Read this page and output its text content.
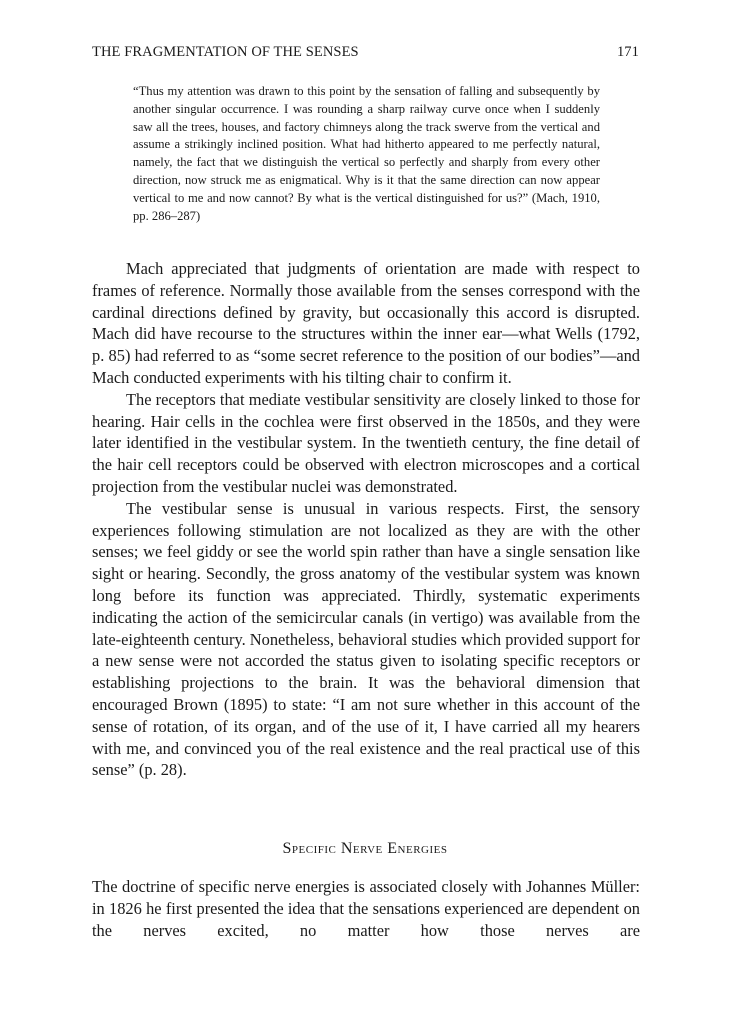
THE FRAGMENTATION OF THE SENSES	171
“Thus my attention was drawn to this point by the sensation of falling and subsequently by another singular occurrence. I was rounding a sharp railway curve once when I suddenly saw all the trees, houses, and factory chimneys along the track swerve from the vertical and assume a strikingly inclined position. What had hitherto appeared to me perfectly natural, namely, the fact that we distinguish the vertical so perfectly and sharply from every other direction, now struck me as enigmatical. Why is it that the same direction can now appear vertical to me and now cannot? By what is the vertical distinguished for us?” (Mach, 1910, pp. 286–287)

Mach appreciated that judgments of orientation are made with respect to frames of reference. Normally those available from the senses correspond with the cardinal directions defined by gravity, but occasionally this accord is disrupted. Mach did have recourse to the structures within the inner ear—what Wells (1792, p. 85) had referred to as “some secret reference to the position of our bodies”—and Mach conducted experiments with his tilting chair to confirm it.

The receptors that mediate vestibular sensitivity are closely linked to those for hearing. Hair cells in the cochlea were first observed in the 1850s, and they were later identified in the vestibular system. In the twentieth century, the fine detail of the hair cell receptors could be observed with electron microscopes and a cortical projection from the vestibular nuclei was demonstrated.

The vestibular sense is unusual in various respects. First, the sensory experiences following stimulation are not localized as they are with the other senses; we feel giddy or see the world spin rather than have a single sensation like sight or hearing. Secondly, the gross anatomy of the vestibular system was known long before its function was appreciated. Thirdly, systematic experiments indicating the action of the semicircular canals (in vertigo) was available from the late-eighteenth century. Nonetheless, behavioral studies which provided support for a new sense were not accorded the status given to isolating specific receptors or establishing projections to the brain. It was the behavioral dimension that encouraged Brown (1895) to state: “I am not sure whether in this account of the sense of rotation, of its organ, and of the use of it, I have carried all my hearers with me, and convinced you of the real existence and the real practical use of this sense” (p. 28).

Specific Nerve Energies

The doctrine of specific nerve energies is associated closely with Johannes Müller: in 1826 he first presented the idea that the sensations experienced are dependent on the nerves excited, no matter how those nerves are
